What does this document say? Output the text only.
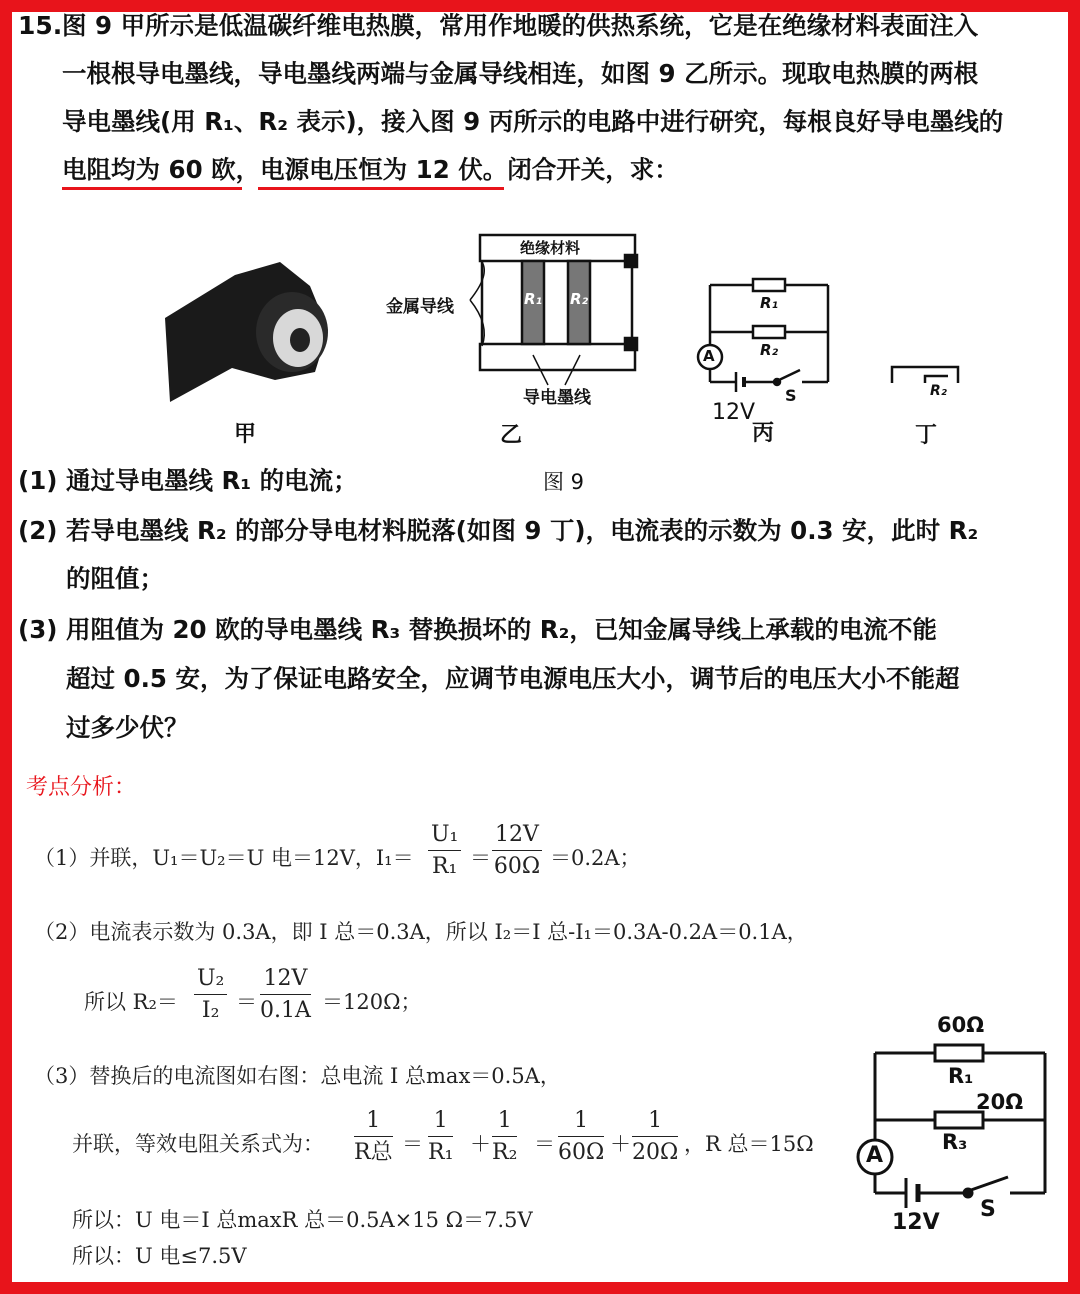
15. 图 9 甲所示是低温碳纤维电热膜，常用作地暖的供热系统，它是在绝缘材料表面注入
一根根导电墨线，导电墨线两端与金属导线相连，如图 9 乙所示。现取电热膜的两根
导电墨线(用 R₁、R₂ 表示)，接入图 9 丙所示的电路中进行研究，每根良好导电墨线的
电阻均为 60 欧，电源电压恒为 12 伏。闭合开关，求：
甲	乙	丙	丁
图 9
绝缘材料
金属导线
导电墨线
R₁ R₂	R₁
R₂
A
S
12V
R₂
(1) 通过导电墨线 R₁ 的电流；
(2) 若导电墨线 R₂ 的部分导电材料脱落(如图 9 丁)，电流表的示数为 0.3 安，此时 R₂
的阻值；
(3) 用阻值为 20 欧的导电墨线 R₃ 替换损坏的 R₂，已知金属导线上承载的电流不能
超过 0.5 安，为了保证电路安全，应调节电源电压大小，调节后的电压大小不能超
过多少伏？
考点分析：
（1）并联，U₁＝U₂＝U 电＝12V，$I_1= \frac{\text{U₁}}{\text{R₁}} = \frac{12V}{60\Omega} =0.2A$；
（2）电流表示数为 0.3A，即 I 总＝0.3A，所以 I₂＝I 总-I₁＝0.3A-0.2A＝0.1A，
所以 $R_2= \frac{\text{U₂}}{\text{I₂}} = \frac{12V}{0.1A} =120\Omega$；
（3）替换后的电流图如右图：总电流 I 总max＝0.5A，
并联，等效电阻关系式为：
1
R总 ＝ $\frac{1}{\text{R₁}} + \frac{1}{\text{R₂}} = \frac{1}{60\Omega} + \frac{1}{20\Omega}$ ，R 总＝15Ω
所以：U 电＝I 总maxR 总＝0.5A×15 Ω＝7.5V
所以：U 电≤7.5V
60Ω
R₁
20Ω
R₃
A
S
12V
